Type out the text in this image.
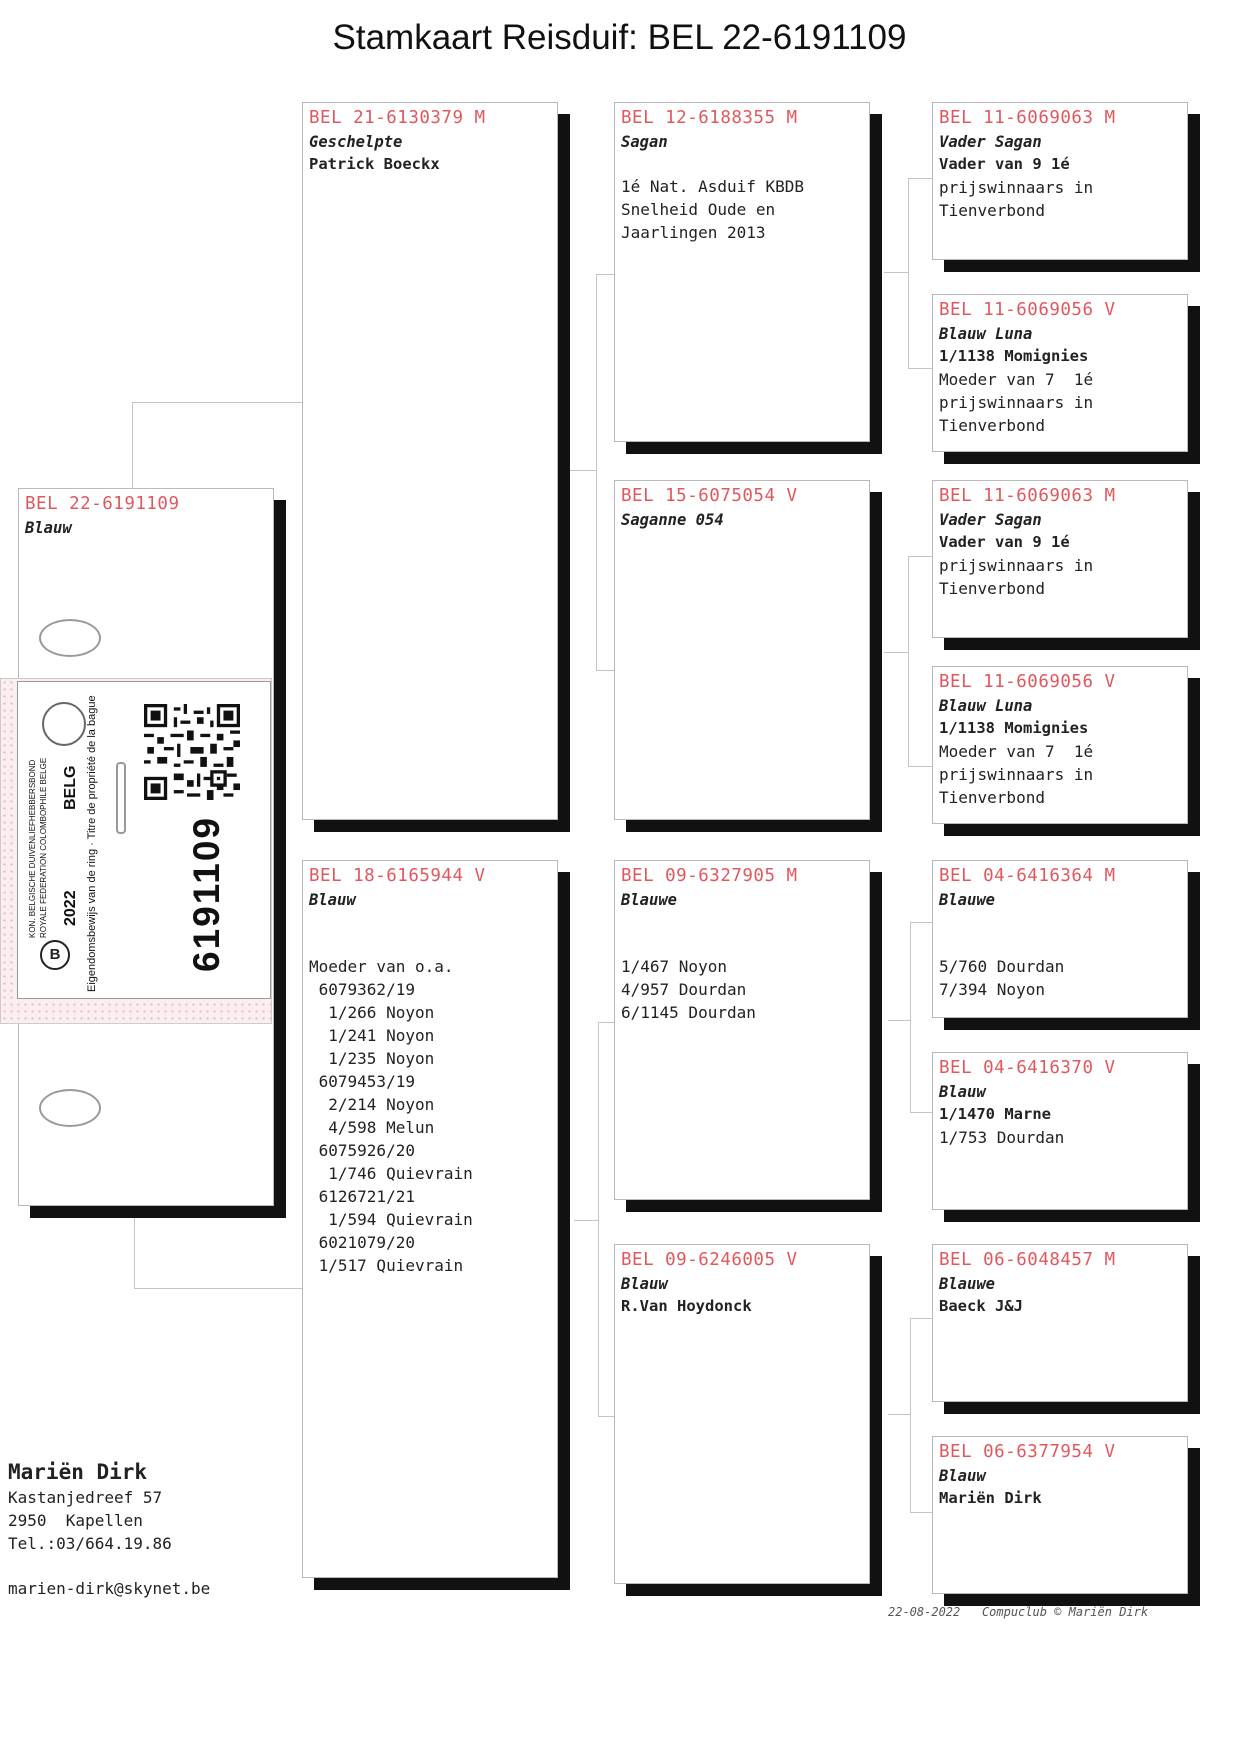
Stamkaart Reisduif: BEL 22-6191109
BEL 22-6191109
Blauw
BEL 21-6130379 M
Geschelpte
Patrick Boeckx
BEL 18-6165944 V
Blauw
Moeder van o.a.
6079362/19
1/266 Noyon
1/241 Noyon
1/235 Noyon
6079453/19
2/214 Noyon
4/598 Melun
6075926/20
1/746 Quievrain
6126721/21
1/594 Quievrain
6021079/20
1/517 Quievrain
BEL 12-6188355 M
Sagan
1é Nat. Asduif KBDB
Snelheid Oude en
Jaarlingen 2013
BEL 15-6075054 V
Saganne 054
BEL 09-6327905 M
Blauwe
1/467 Noyon
4/957 Dourdan
6/1145 Dourdan
BEL 09-6246005 V
Blauw
R.Van Hoydonck
BEL 11-6069063 M
Vader Sagan
Vader van 9 1é
prijswinnaars in
Tienverbond
BEL 11-6069056 V
Blauw Luna
1/1138 Momignies
Moeder van 7  1é
prijswinnaars in
Tienverbond
BEL 11-6069063 M
Vader Sagan
Vader van 9 1é
prijswinnaars in
Tienverbond
BEL 11-6069056 V
Blauw Luna
1/1138 Momignies
Moeder van 7  1é
prijswinnaars in
Tienverbond
BEL 04-6416364 M
Blauwe
5/760 Dourdan
7/394 Noyon
BEL 04-6416370 V
Blauw
1/1470 Marne
1/753 Dourdan
BEL 06-6048457 M
Blauwe
Baeck J&J
BEL 06-6377954 V
Blauw
Mariën Dirk
B
KON. BELGISCHE DUIVENLIEFHEBBERSBOND ROYALE FEDERATION COLOMBOPHILE BELGE 2022
BELG Eigendomsbewijs van de ring · Titre de propriété de la bague 6191109
Mariën Dirk
Kastanjedreef 57
2950  Kapellen
Tel.:03/664.19.86
marien-dirk@skynet.be
22-08-2022 Compuclub © Mariën Dirk
